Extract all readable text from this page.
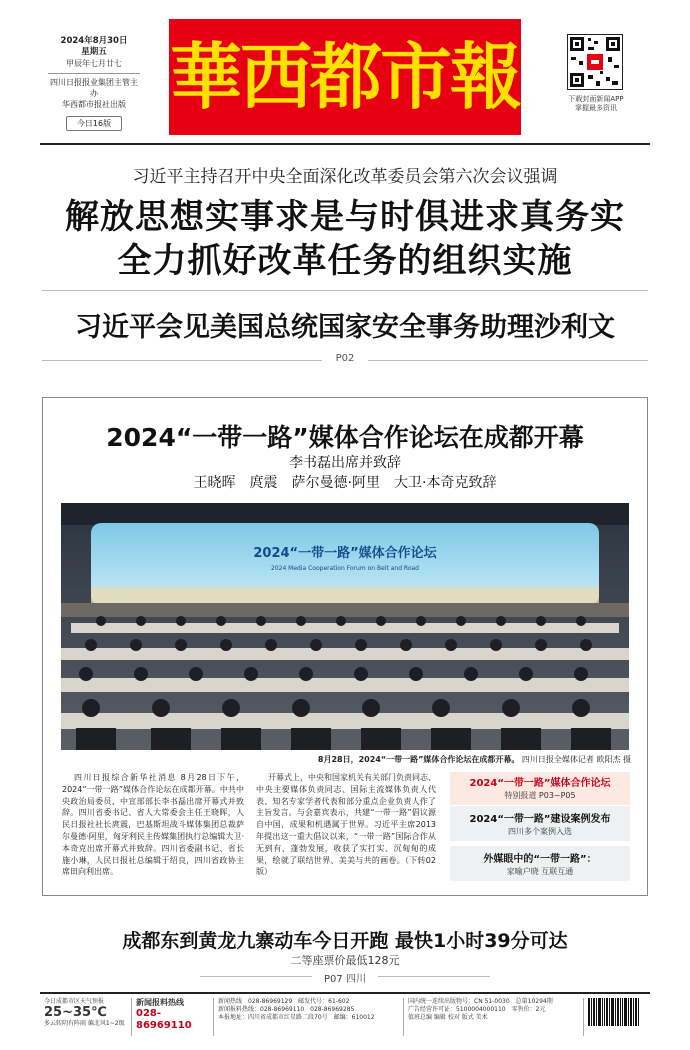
2024年8月30日
星期五
甲辰年七月廿七
四川日报报业集团主管主办
华西都市报社出版
今日16版
華西都市報	下载封面新闻APP
掌握最多资讯
习近平主持召开中央全面深化改革委员会第六次会议强调
解放思想实事求是与时俱进求真务实
全力抓好改革任务的组织实施
习近平会见美国总统国家安全事务助理沙利文
P02
2024“一带一路”媒体合作论坛在成都开幕
李书磊出席并致辞
王晓晖　庹震　萨尔曼德·阿里　大卫·本奇克致辞
2024“一带一路”媒体合作论坛
2024 Media Cooperation Forum on Belt and Road
8月28日，2024“一带一路”媒体合作论坛在成都开幕。 四川日报全媒体记者 欧阳杰 摄
四川日报综合新华社消息 8月28日下午，2024“一带一路”媒体合作论坛在成都开幕。中共中央政治局委员、中宣部部长李书磊出席开幕式并致辞。四川省委书记、省人大常委会主任王晓晖，人民日报社社长庹震，巴基斯坦战斗媒体集团总裁萨尔曼德·阿里，匈牙利民主传媒集团执行总编辑大卫·本奇克出席开幕式并致辞。四川省委副书记、省长施小琳，人民日报社总编辑于绍良，四川省政协主席田向利出席。
开幕式上，中央和国家机关有关部门负责同志、中央主要媒体负责同志、国际主流媒体负责人代表、知名专家学者代表和部分重点企业负责人作了主旨发言。与会嘉宾表示，共建“一带一路”倡议源自中国，成果和机遇属于世界。习近平主席2013年提出这一重大倡议以来，“一带一路”国际合作从无到有、蓬勃发展，收获了实打实、沉甸甸的成果，绘就了联结世界、美美与共的画卷。（下转02版）
2024“一带一路”媒体合作论坛
特别报道 P03~P05
2024“一带一路”建设案例发布
四川多个案例入选
外媒眼中的“一带一路”：
家喻户晓 互联互通
成都东到黄龙九寨动车今日开跑 最快1小时39分可达
二等座票价最低128元
P07 四川
今日成都市区天气预报
25~35℃
多云转阴有阵雨 偏北风1~2级
新闻报料热线
028-86969110
新闻热线　028-86969129　邮发代号：61-602
新闻报料热线：028-86969110　028-86969285
本报地址：四川省成都市红星路二段70号　邮编：610012
国内统一连续出版物号：CN 51-0030　总第10294期
广告经营许可证：5100004000110　零售价：2元
值班总编 编辑 校对 版式 美术
